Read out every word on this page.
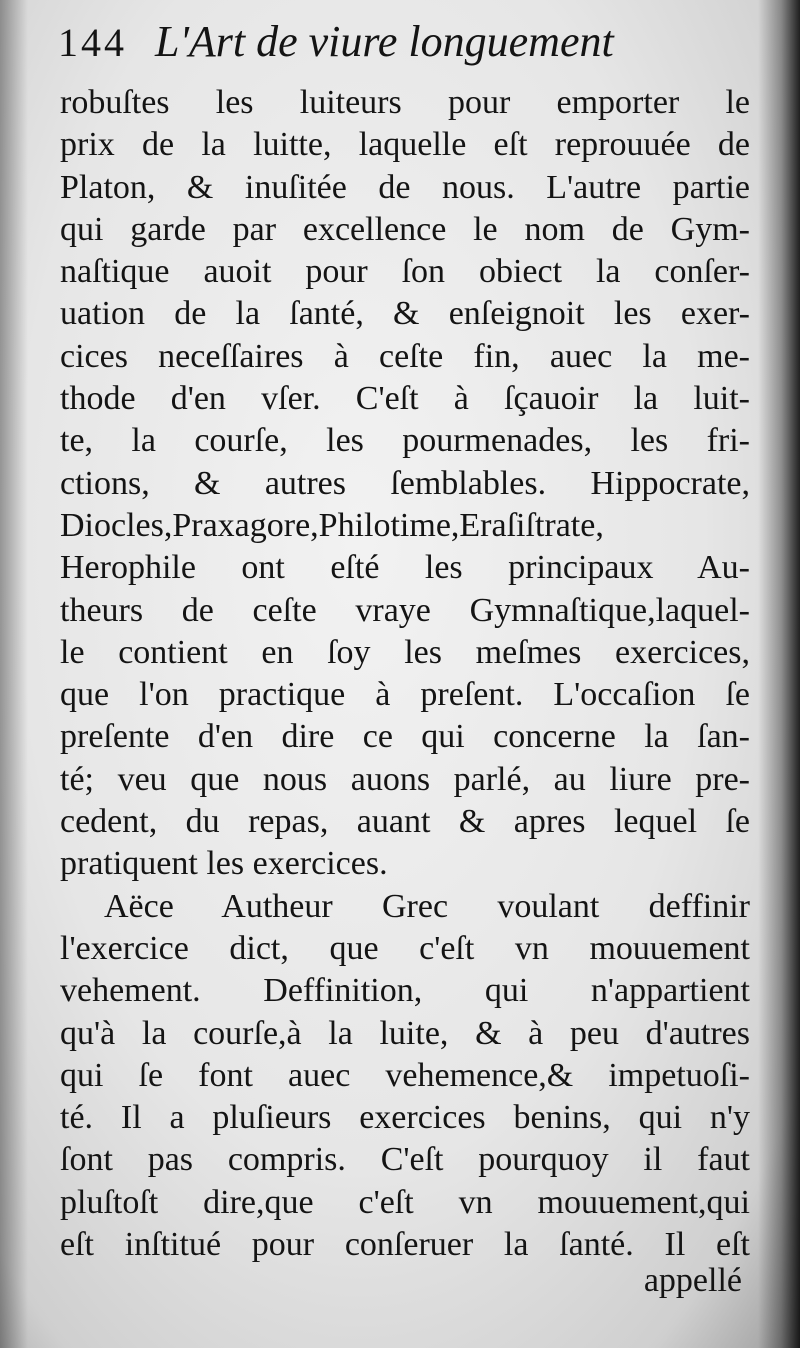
144 L'Art de viure longuement
robuſtes les luiteurs pour emporter le
prix de la luitte, laquelle eſt reprouuée de
Platon, & inuſitée de nous. L'autre partie
qui garde par excellence le nom de Gym-
naſtique auoit pour ſon obiect la conſer-
uation de la ſanté, & enſeignoit les exer-
cices neceſſaires à ceſte fin, auec la me-
thode d'en vſer. C'eſt à ſçauoir la luit-
te, la courſe, les pourmenades, les fri-
ctions, & autres ſemblables. Hippocrate,
Diocles,Praxagore,Philotime,Eraſiſtrate,
Herophile ont eſté les principaux Au-
theurs de ceſte vraye Gymnaſtique,laquel-
le contient en ſoy les meſmes exercices,
que l'on practique à preſent. L'occaſion ſe
preſente d'en dire ce qui concerne la ſan-
té; veu que nous auons parlé, au liure pre-
cedent, du repas, auant & apres lequel ſe
pratiquent les exercices.
Aëce Autheur Grec voulant deffinir
l'exercice dict, que c'eſt vn mouuement
vehement. Deffinition, qui n'appartient
qu'à la courſe,à la luite, & à peu d'autres
qui ſe font auec vehemence,& impetuoſi-
té. Il a pluſieurs exercices benins, qui n'y
ſont pas compris. C'eſt pourquoy il faut
pluſtoſt dire,que c'eſt vn mouuement,qui
eſt inſtitué pour conſeruer la ſanté. Il eſt
appellé
